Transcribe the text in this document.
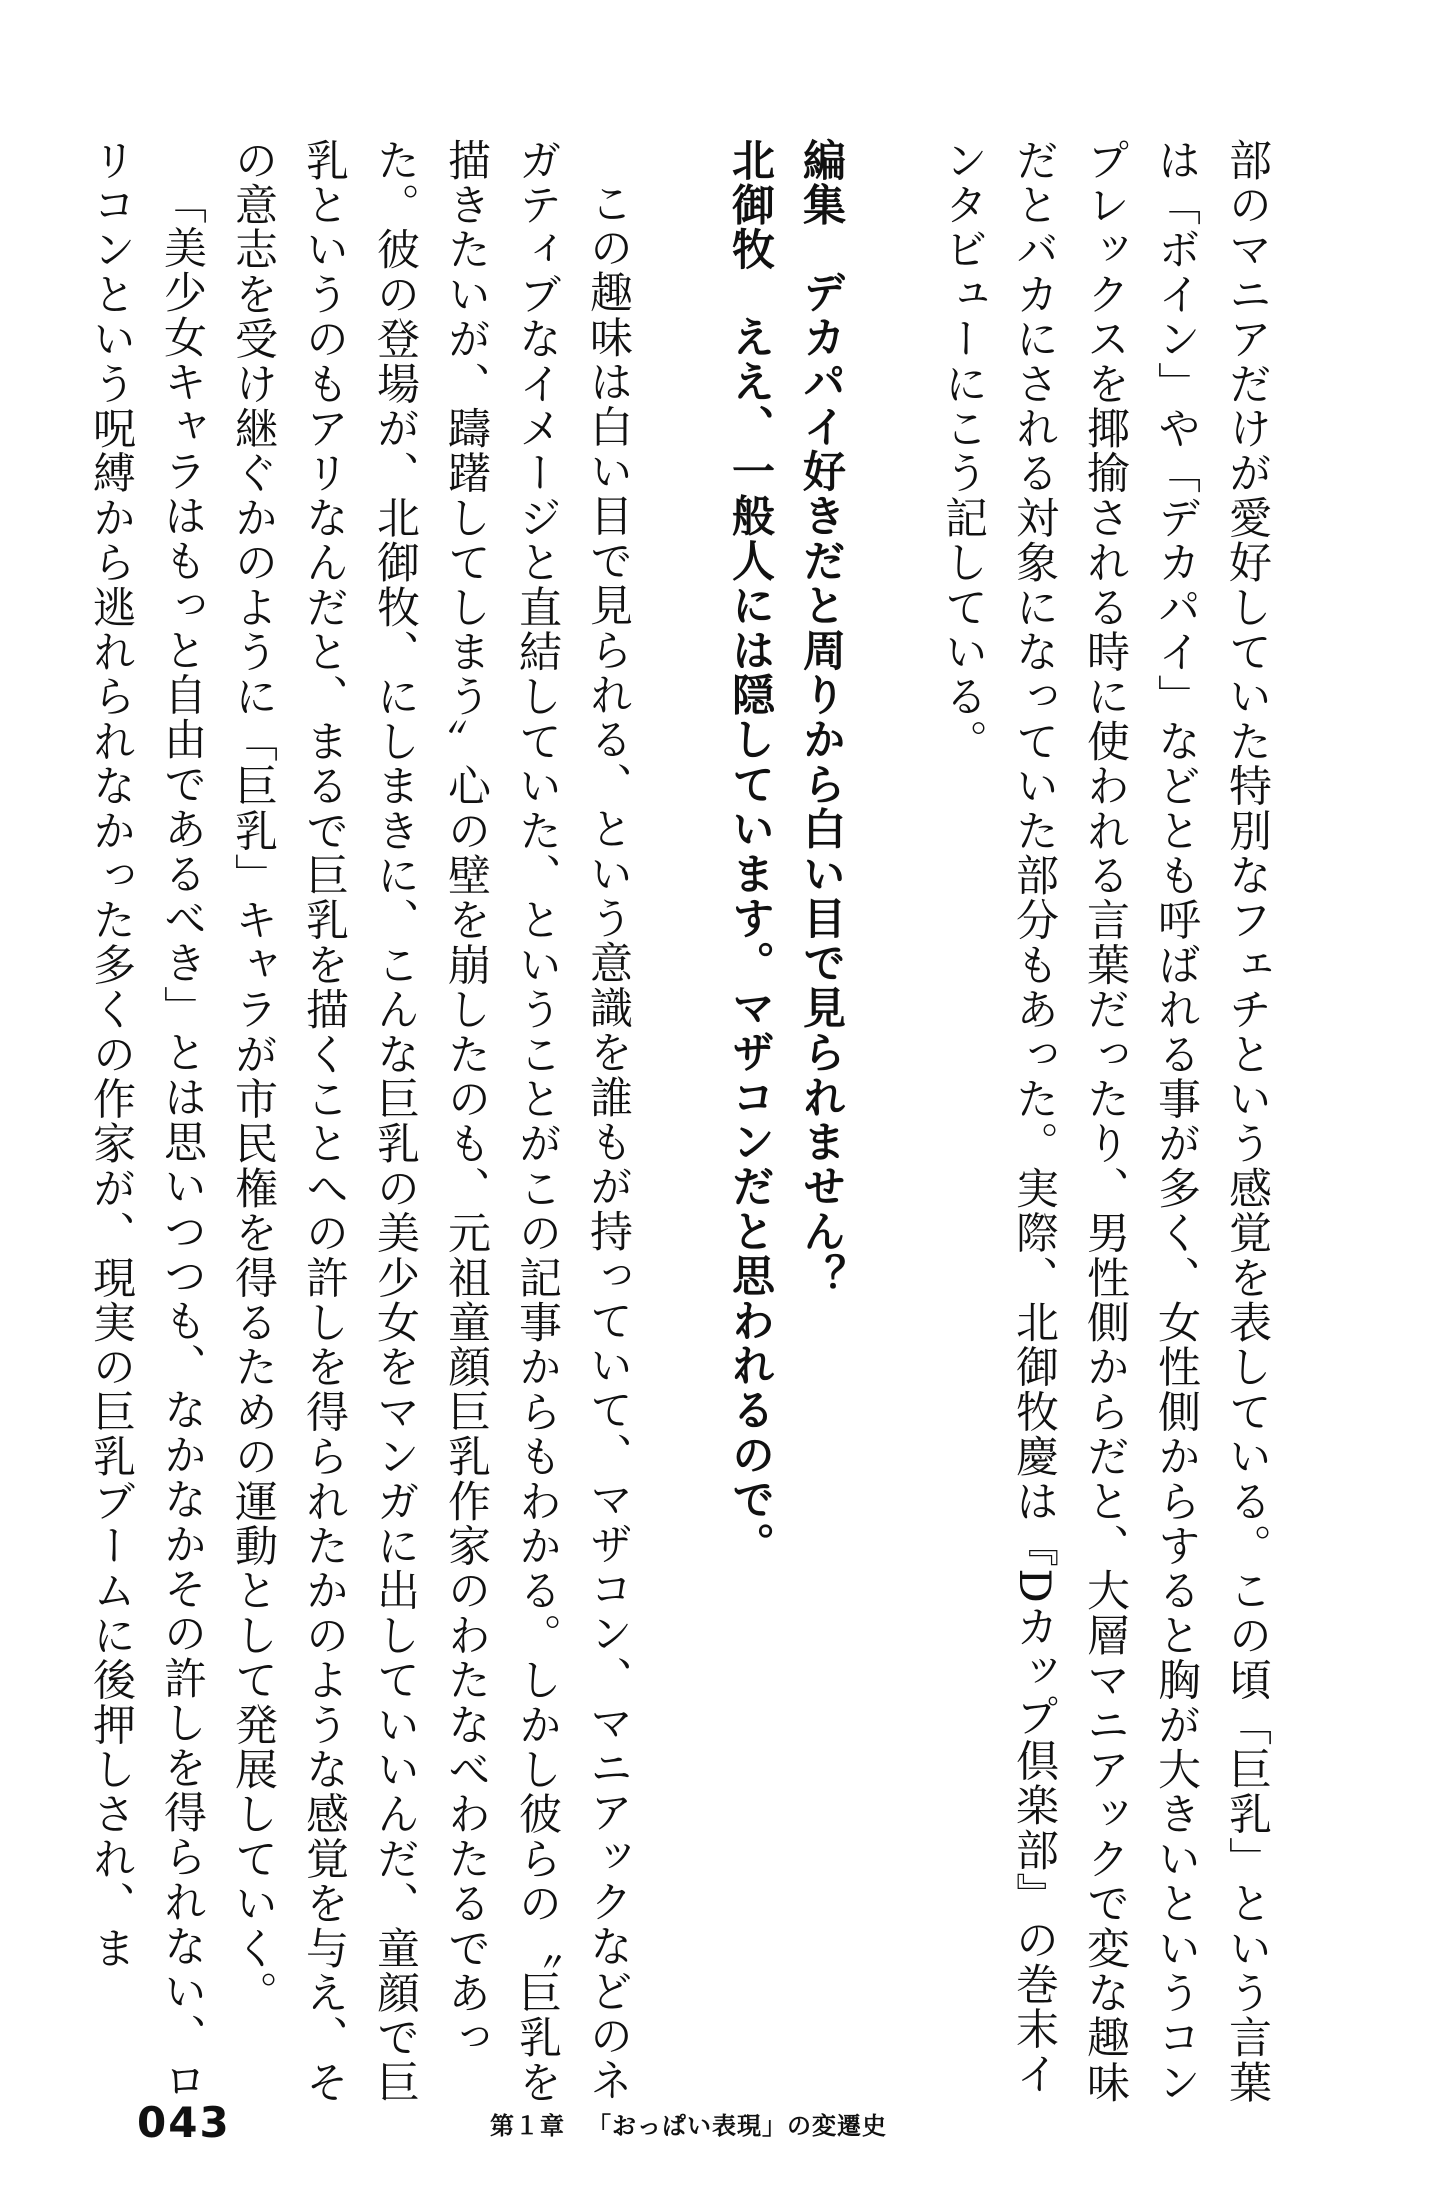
部のマニアだけが愛好していた特別なフェチという感覚を表している。この頃「巨乳」という言葉は「ボイン」や「デカパイ」などとも呼ばれる事が多く、女性側からすると胸が大きいというコンプレックスを揶揄される時に使われる言葉だったり、男性側からだと、大層マニアックで変な趣味だとバカにされる対象になっていた部分もあった。実際、北御牧慶は『Dカップ倶楽部』の巻末インタビューにこう記している。

編集デカパイ好きだと周りから白い目で見られません？

北御牧ええ、一般人には隠しています。マザコンだと思われるので。

この趣味は白い目で見られる、という意識を誰もが持っていて、マザコン、マニアックなどのネガティブなイメージと直結していた、ということがこの記事からもわかる。しかし彼らの〝巨乳を描きたいが、躊躇してしまう〞心の壁を崩したのも、元祖童顔巨乳作家のわたなべわたるであった。彼の登場が、北御牧、にしまきに、こんな巨乳の美少女をマンガに出していいんだ、童顔で巨乳というのもアリなんだと、まるで巨乳を描くことへの許しを得られたかのような感覚を与え、その意志を受け継ぐかのように「巨乳」キャラが市民権を得るための運動として発展していく。

「美少女キャラはもっと自由であるべき」とは思いつつも、なかなかその許しを得られない、ロリコンという呪縛から逃れられなかった多くの作家が、現実の巨乳ブームに後押しされ、ま

043	第１章 「おっぱい表現」の変遷史
